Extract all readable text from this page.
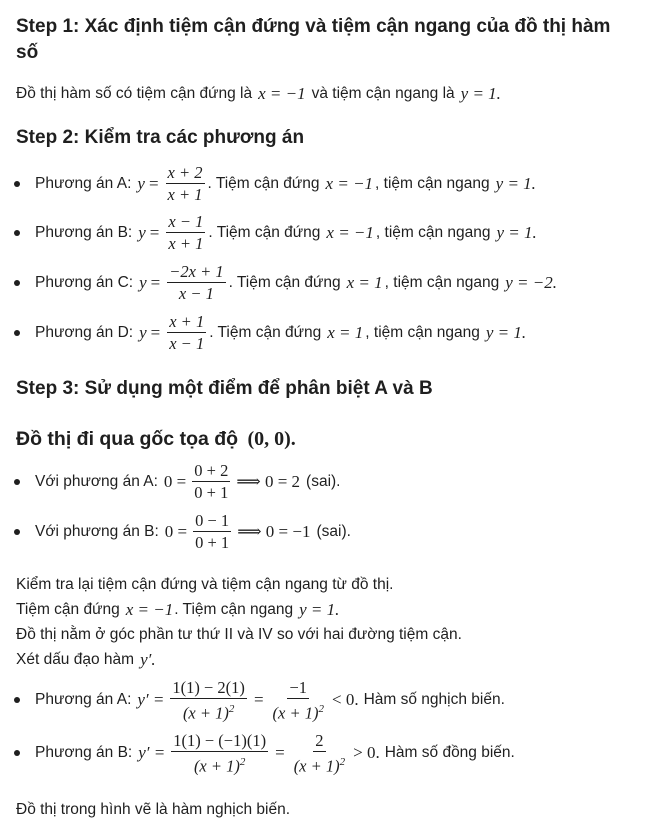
Step 1: Xác định tiệm cận đứng và tiệm cận ngang của đồ thị hàm
số
Đồ thị hàm số có tiệm cận đứng là x = −1 và tiệm cận ngang là y = 1.
Step 2: Kiểm tra các phương án
Phương án A: $y = \frac{x + 2}{x + 1}$ . Tiệm cận đứng x = −1 , tiệm cận ngang y = 1.
Phương án B: $y = \frac{x - 1}{x + 1}$ . Tiệm cận đứng x = −1 , tiệm cận ngang y = 1.
Phương án C: $y = \frac{-2x + 1}{x - 1}$ . Tiệm cận đứng x = 1 , tiệm cận ngang y = −2.
Phương án D: $y = \frac{x + 1}{x - 1}$ . Tiệm cận đứng x = 1 , tiệm cận ngang y = 1.
Step 3: Sử dụng một điểm để phân biệt A và B
Đồ thị đi qua gốc tọa độ (0, 0).
Với phương án A: $0 = \frac{0 + 2}{0 + 1}$ ⟹ 0 = 2 (sai).
Với phương án B: $0 = \frac{0 - 1}{0 + 1}$ ⟹ 0 = −1 (sai).
Kiểm tra lại tiệm cận đứng và tiệm cận ngang từ đồ thị.
Tiệm cận đứng x = −1 . Tiệm cận ngang y = 1.
Đồ thị nằm ở góc phần tư thứ II và IV so với hai đường tiệm cận.
Xét dấu đạo hàm y′.
Phương án A: $y' = \frac{1(1) - 2(1)}{(x + 1)^2} = \frac{-1}{(x + 1)^2} < 0$. Hàm số nghịch biến.
Phương án B: $y' = \frac{1(1) - (-1)(1)}{(x + 1)^2} = \frac{2}{(x + 1)^2} > 0$. Hàm số đồng biến.
Đồ thị trong hình vẽ là hàm nghịch biến.
